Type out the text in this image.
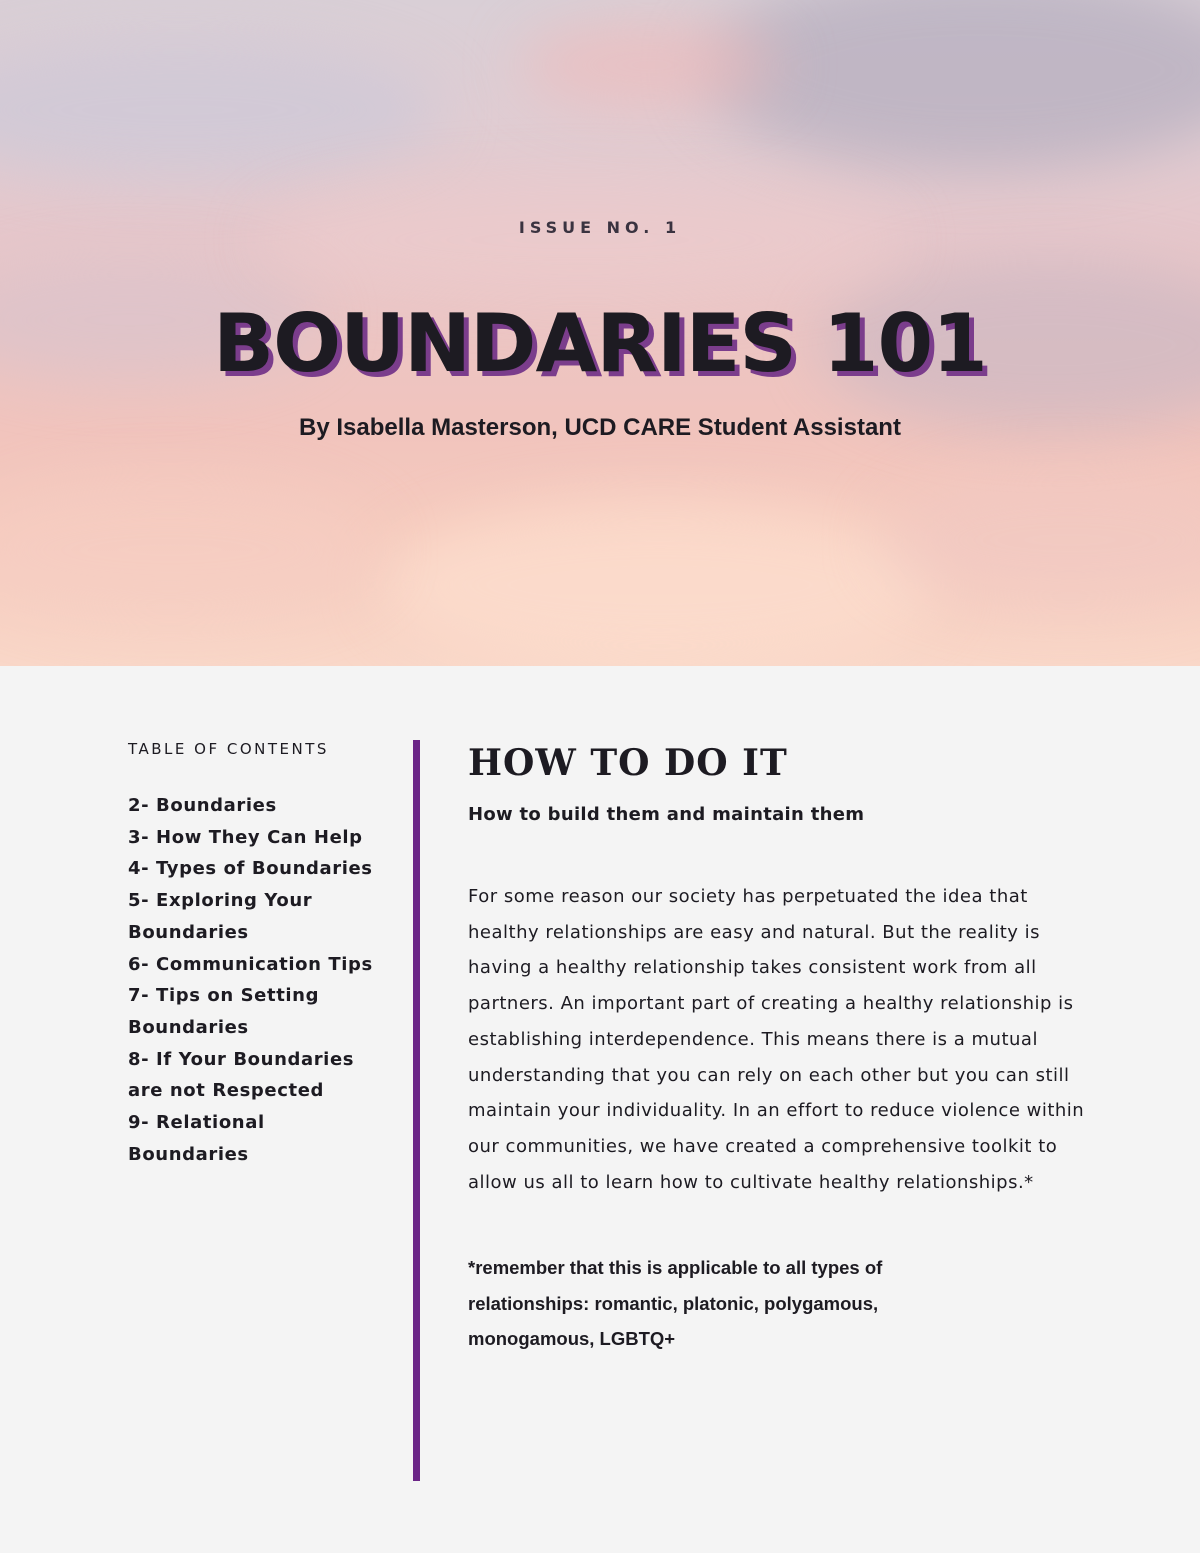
ISSUE NO. 1
BOUNDARIES 101
By Isabella Masterson, UCD CARE Student Assistant
TABLE OF CONTENTS
2- Boundaries
3- How They Can Help
4- Types of Boundaries
5- Exploring Your Boundaries
6- Communication Tips
7- Tips on Setting Boundaries
8- If Your Boundaries are not Respected
9- Relational Boundaries
HOW TO DO IT
How to build them and maintain them

For some reason our society has perpetuated the idea that healthy relationships are easy and natural. But the reality is having a healthy relationship takes consistent work from all partners. An important part of creating a healthy relationship is establishing interdependence. This means there is a mutual understanding that you can rely on each other but you can still maintain your individuality. In an effort to reduce violence within our communities, we have created a comprehensive toolkit to allow us all to learn how to cultivate healthy relationships.*

*remember that this is applicable to all types of relationships: romantic, platonic, polygamous, monogamous, LGBTQ+
